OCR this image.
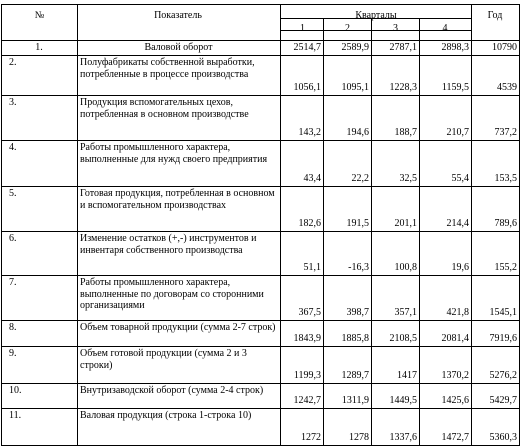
№	Показатель	Кварталы	Год
1	2	3	4
1.	Валовой оборот	2514,7	2589,9	2787,1	2898,3	10790
2.	Полуфабрикаты собственной выработки, потребленные в процессе производства
1056,1	1095,1	1228,3	1159,5	4539
3.	Продукция вспомогательных цехов, потребленная в основном производстве
143,2	194,6	188,7	210,7	737,2
4.	Работы промышленного характера, выполненные для нужд своего предприятия
43,4	22,2	32,5	55,4	153,5
5.	Готовая продукция, потребленная в основном и вспомогательном производствах
182,6	191,5	201,1	214,4	789,6
6.	Изменение остатков (+,-) инструментов и инвентаря собственного производства
51,1	-16,3	100,8	19,6	155,2
7.	Работы промышленного характера, выполненные по договорам со сторонними организациями
367,5	398,7	357,1	421,8	1545,1
8.	Объем товарной продукции (сумма 2-7 строк)
1843,9	1885,8	2108,5	2081,4	7919,6
9.	Объем готовой продукции (сумма 2 и 3 строки)
1199,3	1289,7	1417	1370,2	5276,2
10.	Внутризаводской оборот (сумма 2-4 строк)
1242,7	1311,9	1449,5	1425,6	5429,7
11.	Валовая продукция (строка 1-строка 10)
1272	1278	1337,6	1472,7	5360,3
